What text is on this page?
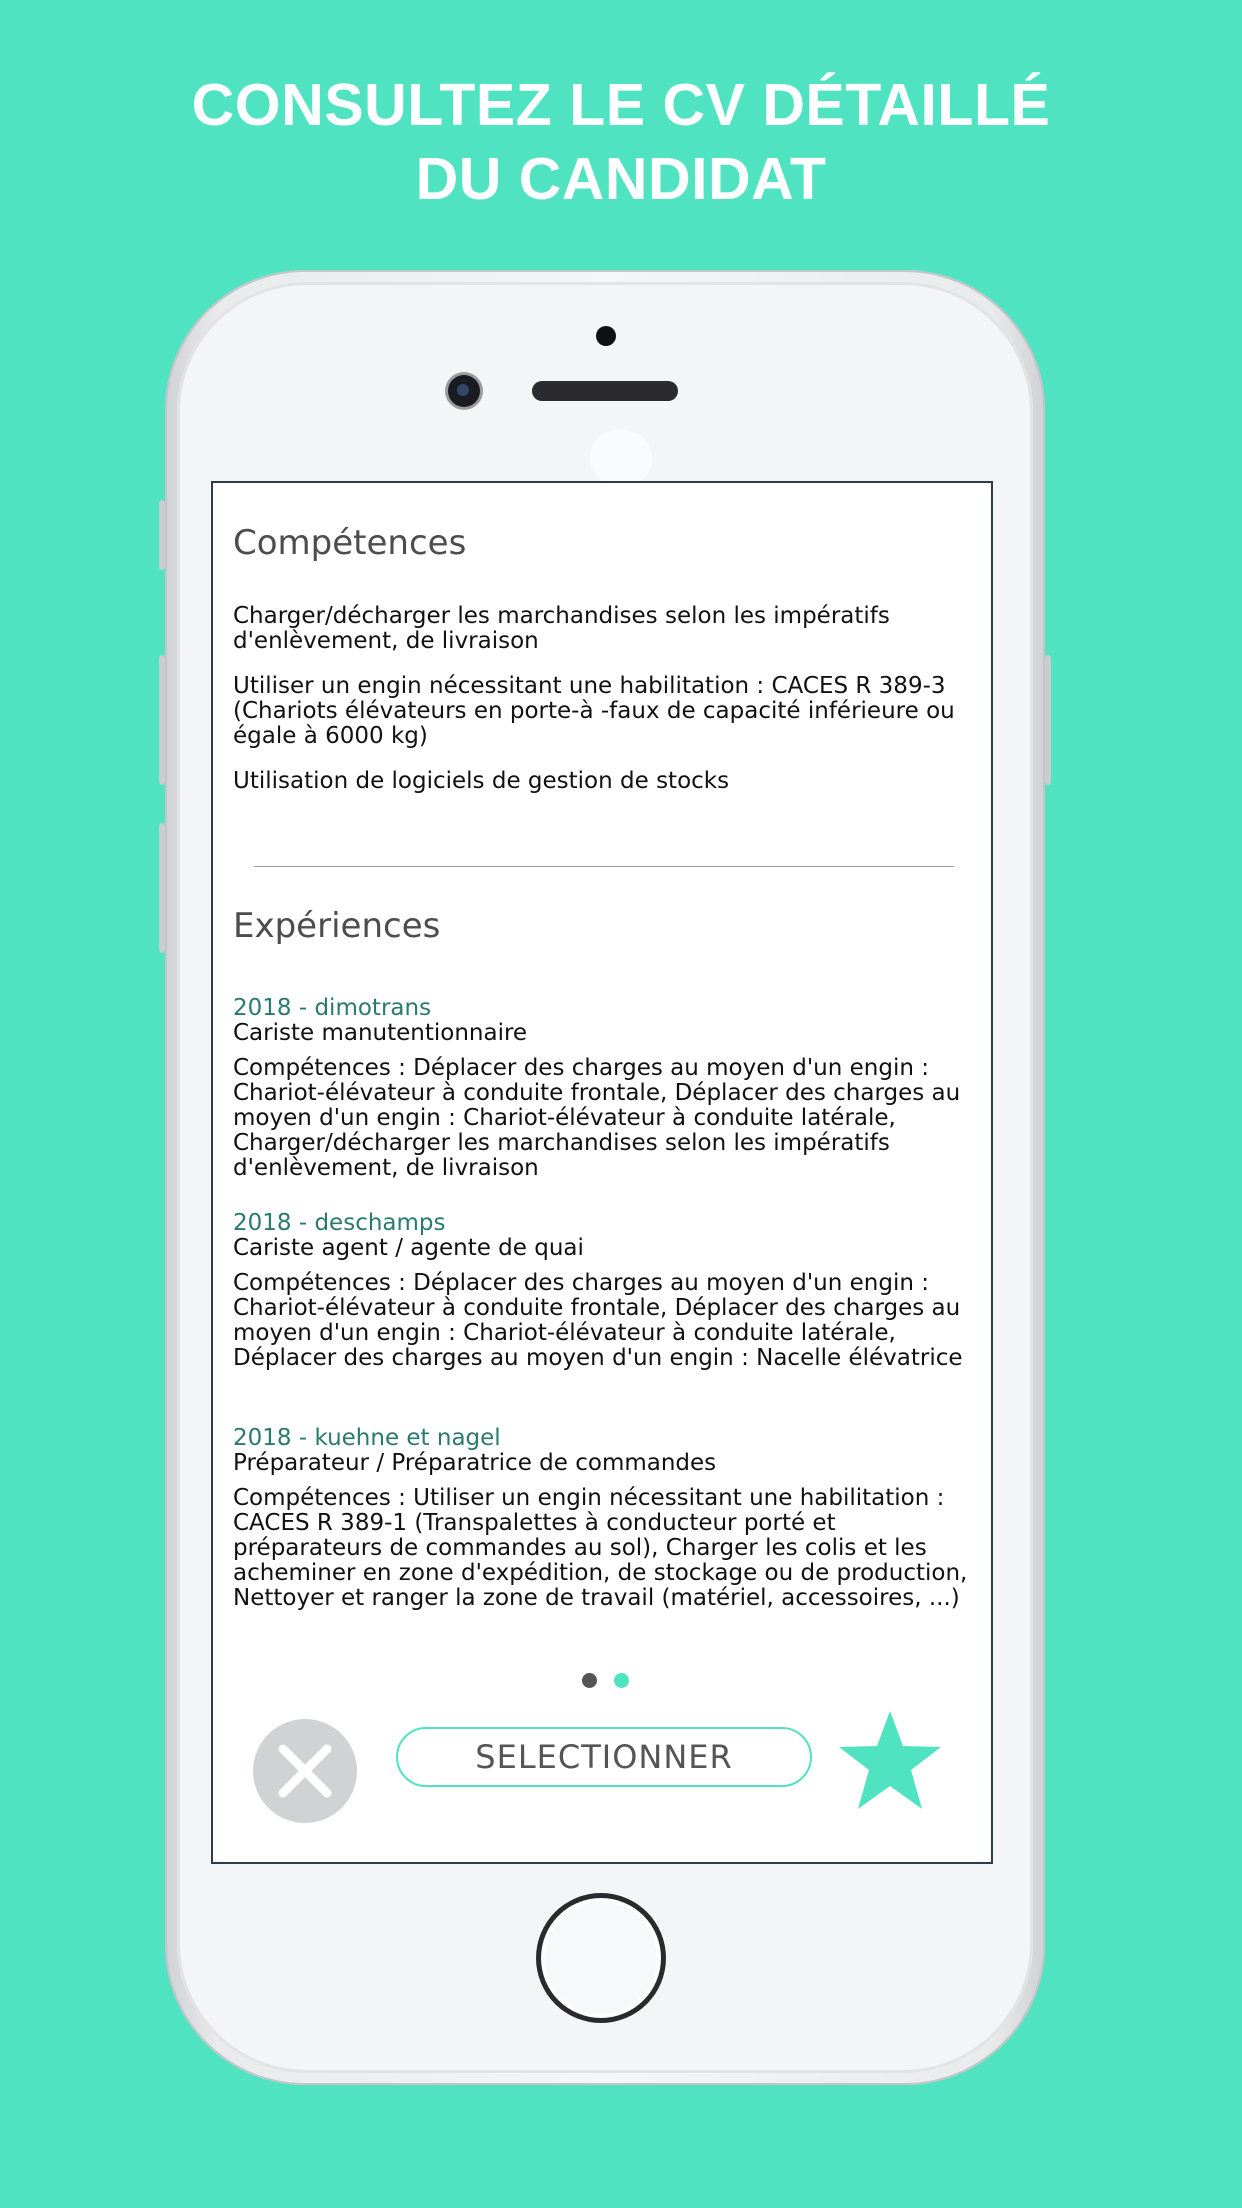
CONSULTEZ LE CV DÉTAILLÉ
DU CANDIDAT
Compétences
Charger/décharger les marchandises selon les impératifs d'enlèvement, de livraison
Utiliser un engin nécessitant une habilitation : CACES R 389-3 (Chariots élévateurs en porte-à -faux de capacité inférieure ou égale à 6000 kg)
Utilisation de logiciels de gestion de stocks
Expériences
2018 - dimotrans
Cariste manutentionnaire
Compétences : Déplacer des charges au moyen d'un engin : Chariot-élévateur à conduite frontale, Déplacer des charges au moyen d'un engin : Chariot-élévateur à conduite latérale, Charger/décharger les marchandises selon les impératifs d'enlèvement, de livraison
2018 - deschamps
Cariste agent / agente de quai
Compétences : Déplacer des charges au moyen d'un engin : Chariot-élévateur à conduite frontale, Déplacer des charges au moyen d'un engin : Chariot-élévateur à conduite latérale, Déplacer des charges au moyen d'un engin : Nacelle élévatrice
2018 - kuehne et nagel
Préparateur / Préparatrice de commandes
Compétences : Utiliser un engin nécessitant une habilitation : CACES R 389-1 (Transpalettes à conducteur porté et préparateurs de commandes au sol), Charger les colis et les acheminer en zone d'expédition, de stockage ou de production, Nettoyer et ranger la zone de travail (matériel, accessoires, ...)
SELECTIONNER
